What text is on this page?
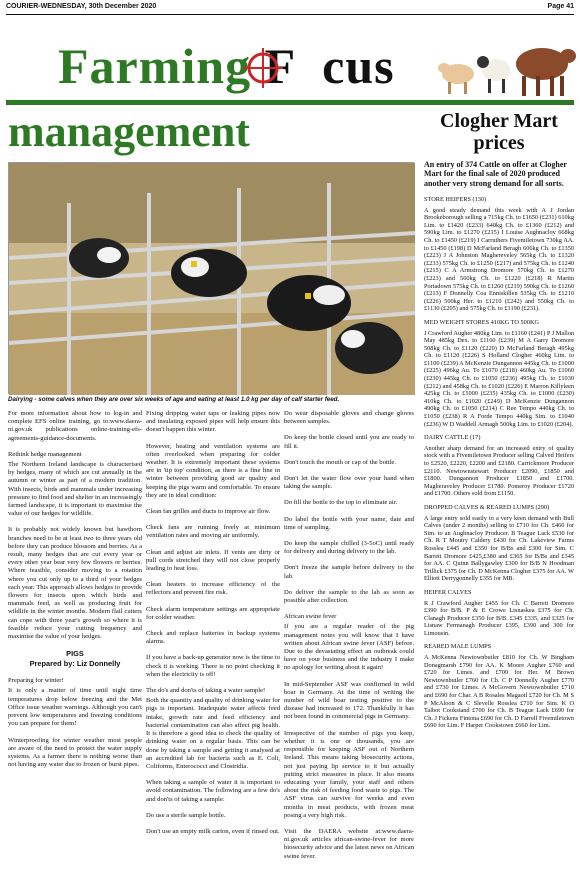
COURIER-WEDNESDAY, 30th December 2020	Page 41
Farming F cus
management
Dairying - some calves when they are over six weeks of age and eating at least 1.0 kg per day of calf starter feed.

For more information about how to log-in and complete EFS online training, go to:www.daera-ni.gov.uk publications online-training-efs-agreements-guidance-documents.

Rethink hedge management

The Northern Ireland landscape is characterised by hedges, many of which are cut annually in the autumn or winter as part of a modern tradition. With insects, birds and mammals under increasing pressure to find food and shelter in an increasingly farmed landscape, it is important to maximise the value of our hedges for wildlife.

It is probably not widely known but hawthorn branches need to be at least two to three years old before they can produce blossom and berries. As a result, many hedges that are cut every year or every other year bear very few flowers or berries. Where feasible, consider moving to a rotation where you cut only up to a third of your hedges each year. This approach allows hedges to provide flowers for insects upon which birds and mammals feed, as well as producing fruit for wildlife in the winter months. Modern flail cutters can cope with three year's growth so where it is feasible reduce your cutting frequency and maximise the value of your hedges.

PIGS
Prepared by: Liz Donnelly

Preparing for winter!

It is only a matter of time until night time temperatures drop below freezing and the Met Office issue weather warnings. Although you can't prevent low temperatures and freezing conditions you can prepare for them!

Winterproofing for winter weather most people are aware of the need to protect the water supply systems. As a farmer there is nothing worse than not having any water due to frozen or burst pipes.

Fixing dripping water taps or leaking pipes now and insulating exposed pipes will help ensure this doesn't happen this winter.

However, heating and ventilation systems are often overlooked when preparing for colder weather. It is extremely important these systems are in 'tip top' condition, as there is a fine line in winter between providing good air quality and keeping the pigs warm and comfortable. To ensure they are in ideal condition:

Clean fan grilles and ducts to improve air flow.

Check fans are running freely at minimum ventilation rates and moving air uniformly.

Clean and adjust air inlets. If vents are dirty or pull cords stretched they will not close properly leading to heat loss.

Clean heaters to increase efficiency of the reflectors and prevent fire risk.

Check alarm temperature settings are appropriate for colder weather.

Check and replace batteries in backup systems alarms.

If you have a back-up generator now is the time to check it is working. There is no point checking it when the electricity is off!

The do's and don'ts of taking a water sample!

Both the quantity and quality of drinking water for pigs is important. Inadequate water affects feed intake, growth rate and feed efficiency and bacterial contamination can also affect pig health. It is therefore a good idea to check the quality of drinking water on a regular basis. This can be done by taking a sample and getting it analysed at an accredited lab for bacteria such as E. Coli, Coliforms, Enterococci and Clostridia.

When taking a sample of water it is important to avoid contamination. The following are a few do's and don'ts of taking a sample:

Do use a sterile sample bottle.

Don't use an empty milk carton, even if rinsed out.

Do wear disposable gloves and change gloves between samples.

Do keep the bottle closed until you are ready to fill it.

Don't touch the mouth or cap of the bottle.

Don't let the water flow over your hand when taking the sample.

Do fill the bottle to the top to eliminate air.

Do label the bottle with your name, date and time of sampling.

Do keep the sample chilled (3-5oC) until ready for delivery and during delivery to the lab.

Don't freeze the sample before delivery to the lab.

Do deliver the sample to the lab as soon as possible after collection.

African swine fever

If you are a regular reader of the pig management notes you will know that I have written about African swine fever (ASF) before. Due to the devastating effect an outbreak could have on your business and the industry I make no apology for writing about it again!

In mid-September ASF was confirmed in wild boar in Germany. At the time of writing the number of wild boar testing positive to the disease had increased to 172. Thankfully it has not been found in commercial pigs in Germany.

Irrespective of the number of pigs you keep, whether it is one or thousands, you are responsible for keeping ASF out of Northern Ireland. This means taking biosecurity actions, not just paying lip service to it but actually putting strict measures in place. It also means educating your family, your staff and others about the risk of feeding food waste to pigs. The ASF virus can survive for weeks and even months in meat products, with frozen meat posing a very high risk.

Visit the DAERA website at:www.daera-ni.gov.uk articles african-swine-fever for more biosecurity advice and the latest news on African swine fever.

Clogher Mart prices
An entry of 374 Cattle on offer at Clogher Mart for the final sale of 2020 produced another very strong demand for all sorts.
STORE HEIFERS (130)

A good steady demand this week with A J Jordan Brookeborough selling a 715kg Ch. to £1650 (£231) 610kg Lim. to £1420 (£233) 640kg Ch. to £1360 (£212) and 590kg Lim. to £1270 (£215) I Louise Aughnacloy 668kg Ch. to £1450 (£219) I Carruthers Fivemiletown 730kg AA. to £1450 (£198) D McFarland Beragh 606kg Ch. to £1350 (£223) J A Johnston Maghereveley 565kg Ch. to £1320 (£233) 575kg Ch. to £1250 (£217) and 575kg Ch. to £1240 (£215) C A Armstrong Dromore 570kg Ch. to £1270 (£223) and 560kg Ch. to £1220 (£218) R Martin Portadown 575kg Ch. to £1260 (£219) 590kg Ch. to £1260 (£213) F Donnelly Coa Enniskillen 535kg Ch. to £1210 (£226) 500kg Her. to £1210 (£242) and 550kg Ch. to £1130 (£205) and 575kg Ch. to £1190 (£231).

MED WEIGHT STORES 410KG TO 500KG

J Crawford Augher 480kg Lim. to £1160 (£241) P J Mallon May 485kg Dex. to £1160 (£239) M A Garry Dromore 508kg Ch. to £1120 (£220) D McFarland Beragh 495kg Ch. to £1120 (£226) S Holland Clogher 460kg Lim. to £1100 (£239) A McKenzie Dungannon 445kg Ch. to £1000 (£225) 496kg Au. To £1070 (£218) 460kg Au. To £1060 (£230) 445kg Ch. to £1050 (£236) 495kg Ch. to £1030 (£212) and 458kg Ch. to £1020 (£226) E Marron Killyleen 425kg Ch. to £1000 (£235) 435kg Ch. to £1000 (£230) 410kg Ch. to £1020 (£249) D McKenzie Dungannon 490kg Ch. to £1050 (£214) C Ree Tempo 440kg Ch. to £1050 (£238) R A Forde Tempo 440kg Sim. to £1040 (£236) W D Waddell Armagh 500kg Lim. to £1020 (£204).

DAIRY CATTLE (17)

Another sharp demand for an increased entry of quality stock with a Fivemiletown Producer selling Calved Heifers to £2520, £2220, £2200 and £2180. Carrickmore Producer £2110. Newtownstewart Producer £2090, £1850 and £1800. Dungannon Producer £1850 and £1700. Magheraveley Producer £1780. Pomeroy Producer £1720 and £1700. Others sold from £1150.

DROPPED CALVES & REARED LUMPS (290)

A large entry sold easily to a very keen demand with Bull Calves (under 2 months) selling to £710 for Ch. £460 for Sim. to an Aughnacloy Producer. B Teague Lack £530 for Ch. R T Moutry Caldery £430 for Ch. Lakeview Farms Rosslea £445 and £350 for B/Bs and £300 for Sim. C Barrett Dromore £425,£380 and £365 for B/Bs and £345 for AA. C Quinn Ballygawley £300 for B/B N Hoodman Trillick £375 for Ch. D McKenna Clogher £375 for AA. W Elliott Derrygonnelly £355 for MB.

HEIFER CALVES

R J Crawford Augher £455 for Ch. C Barrett Dromore £390 for B/B. P & E Crowe Lisnaskea £375 for Ch. Clanagh Producer £350 for B/B. £345 £335, and £325 for Lisnaw Fermanagh Producer £395, £390 and 300 for Limousin.

REARED MALE LUMPS

A McKenna Newtownbutler £810 for Ch. W Bingham Donagmarsh £790 for AA. K Moore Augher £760 and £720 for Limes. and £700 for Her. M Brown Newtownbutler £760 for Ch. C P Donnelly Augher £770 and £730 for Limes. A McGovern Newtownbutler £710 and £690 for Char. A B Rosales Magaoil £720 for Ch. M S P McAloon & C Slevelle Rosslea £710 for Sim. K O Talbot Cookstand £700 for Ch. B Teague Lack £690 for Ch. J Fickens Fintona £690 for Ch. D Farrell Fivemiletown £690 for Lim. F Harper Cookstown £660 for Lim.
